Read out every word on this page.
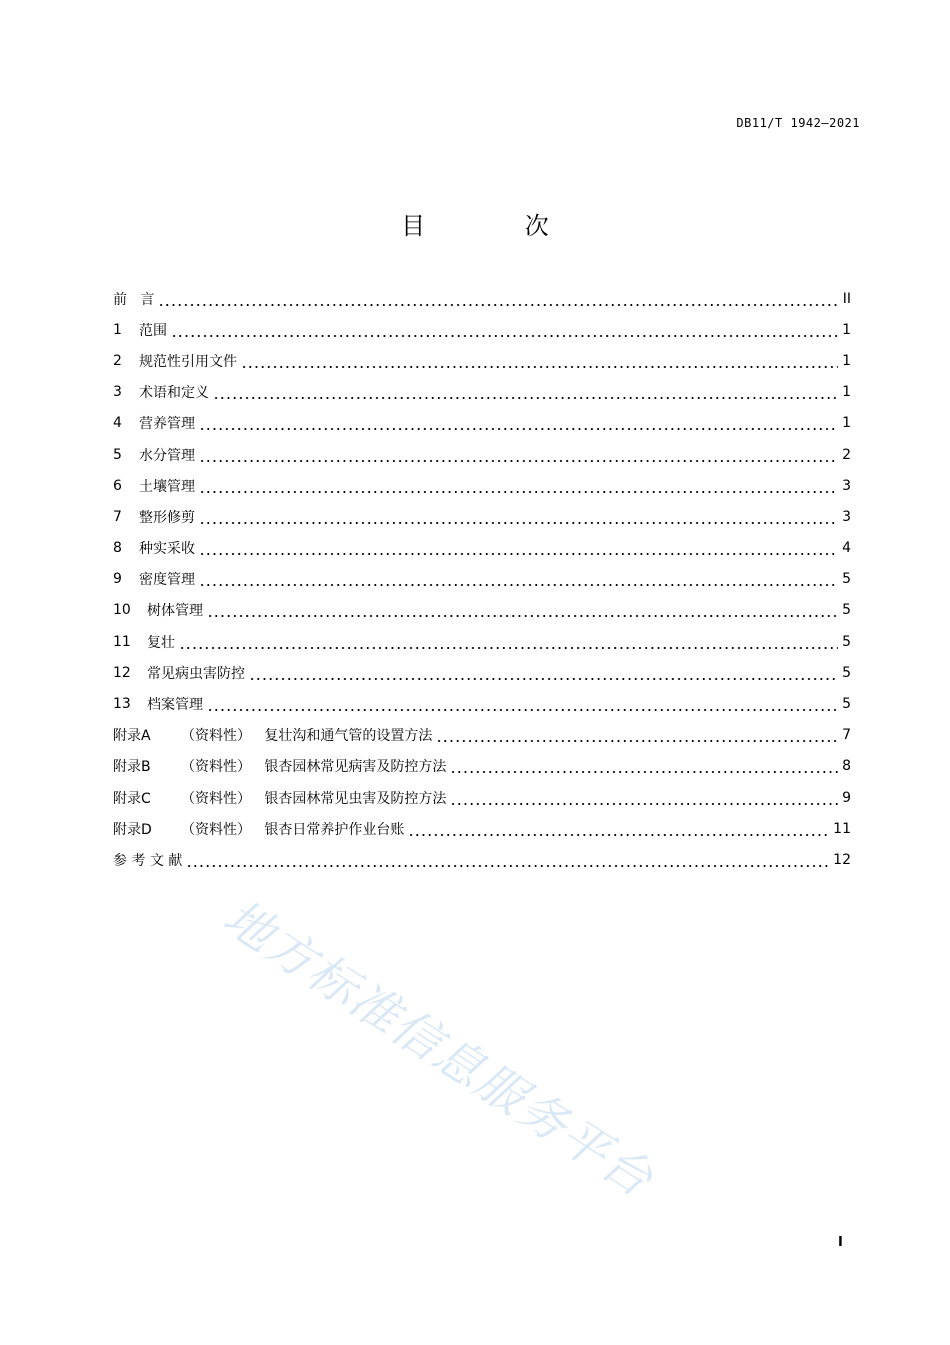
DB11/T 1942—2021
目 次
前   言	II
1	范围	1
2	规范性引用文件	1
3	术语和定义	1
4	营养管理	1
5	水分管理	2
6	土壤管理	3
7	整形修剪	3
8	种实采收	4
9	密度管理	5
10	树体管理	5
11	复壮	5
12	常见病虫害防控	5
13	档案管理	5
附录A	（资料性）   复壮沟和通气管的设置方法	7
附录B	（资料性）   银杏园林常见病害及防控方法	8
附录C	（资料性）   银杏园林常见虫害及防控方法	9
附录D	（资料性）   银杏日常养护作业台账	11
参 考 文 献	12
I
地方标准信息服务平台
